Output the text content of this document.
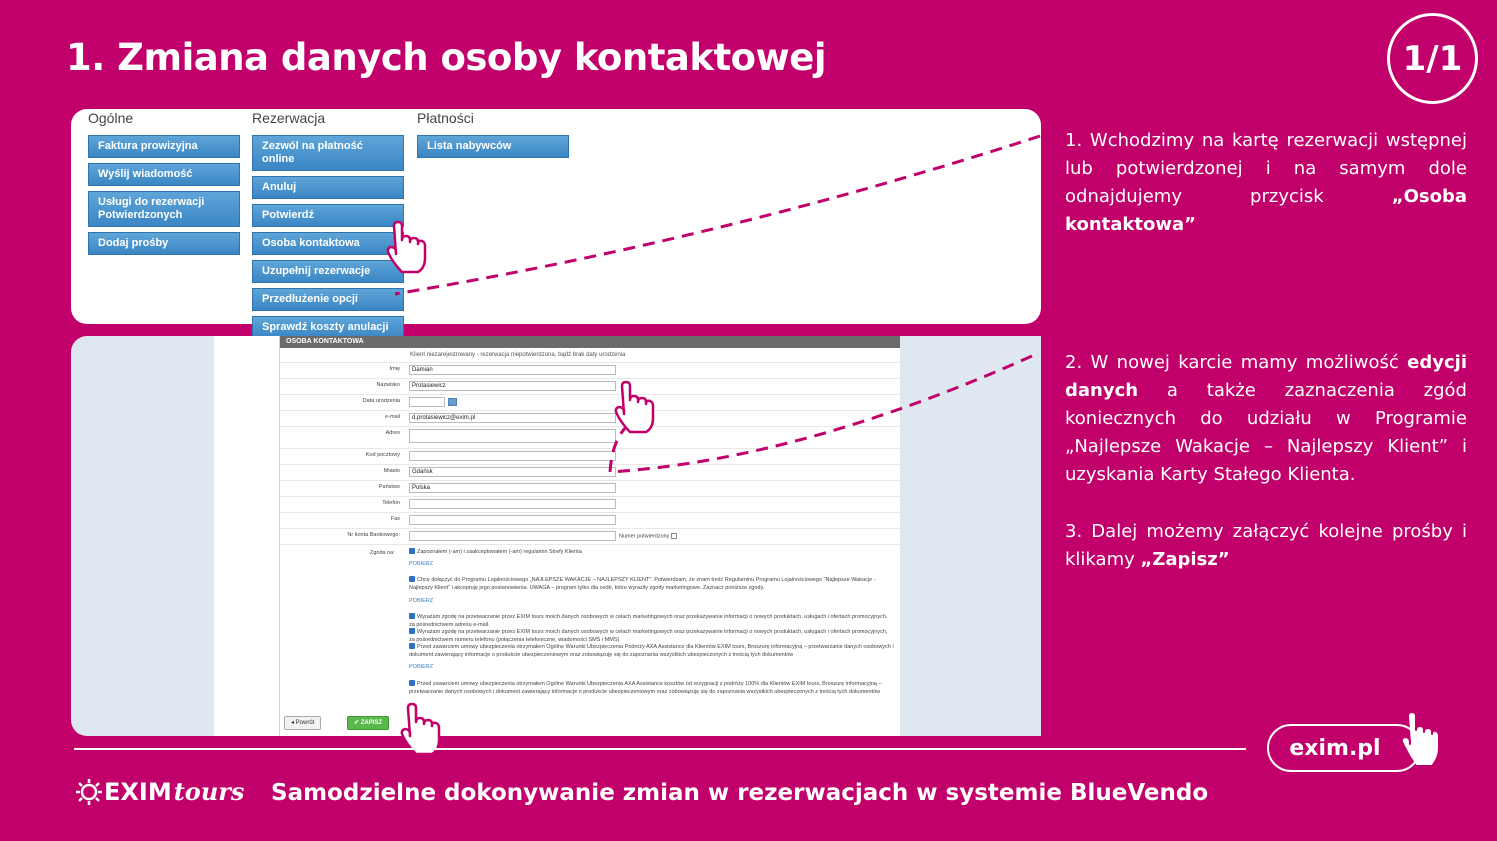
1. Zmiana danych osoby kontaktowej	1/1
Ogólne
Faktura prowizyjna
Wyślij wiadomość
Usługi do rezerwacji Potwierdzonych
Dodaj prośby
Rezerwacja
Zezwól na płatność online
Anuluj
Potwierdź
Osoba kontaktowa
Uzupełnij rezerwacje
Przedłużenie opcji
Sprawdź koszty anulacji
Płatności
Lista nabywców	1. Wchodzimy na kartę rezerwacji wstępnej lub potwierdzonej i na samym dole odnajdujemy przycisk „Osoba kontaktowa”
2. W nowej karcie mamy możliwość edycji danych a także zaznaczenia zgód koniecznych do udziału w Programie „Najlepsze Wakacje – Najlepszy Klient” i uzyskania Karty Stałego Klienta.
3. Dalej możemy załączyć kolejne prośby i klikamy „Zapisz”
OSOBA KONTAKTOWA
Klient niezarejestrowany - rezerwacja niepotwierdzona, bądź brak daty urodzenia
Imię	Damian
Nazwisko	Protasiewicz
Data urodzenia
e-mail	d.protasiewicz@exim.pl
Adres
Kod pocztowy
Miasto	Gdańsk
Państwo	Polska
Telefon
Fax
Nr konta Bankowego:	Numer potwierdzony
Zgoda na:	Zapoznałem (-am) i zaakceptowałem (-am) regulamin Strefy Klienta
POBIERZ
Chcę dołączyć do Programu Lojalnościowego „NAJLEPSZE WAKACJE – NAJLEPSZY KLIENT”. Potwierdzam, że znam treść Regulaminu Programu Lojalnościowego "Najlepsze Wakacje - Najlepszy Klient" i akceptuję jego postanowienia. UWAGA – program tylko dla osób, które wyraziły zgody marketingowe. Zaznacz poniższe zgody.
POBIERZ
Wyrażam zgodę na przetwarzanie przez EXIM tours moich danych osobowych w celach marketingowych oraz przekazywanie informacji o nowych produktach, usługach i ofertach promocyjnych, za pośrednictwem adresu e-mail.
Wyrażam zgodę na przetwarzanie przez EXIM tours moich danych osobowych w celach marketingowych oraz przekazywanie informacji o nowych produktach, usługach i ofertach promocyjnych, za pośrednictwem numeru telefonu (połączenia telefoniczne, wiadomości SMS i MMS)
Przed zawarciem umowy ubezpieczenia otrzymałem Ogólne Warunki Ubezpieczenia Podróży AXA Assistance dla Klientów EXIM tours, Broszurę informacyjną – przetwarzanie danych osobowych i dokument zawierający informacje o produkcie ubezpieczeniowym oraz zobowiązuję się do zapoznania wszystkich ubezpieczonych z treścią tych dokumentów
POBIERZ
Przed zawarciem umowy ubezpieczenia otrzymałem Ogólne Warunki Ubezpieczenia AXA Assistance kosztów od rezygnacji z podróży 100% dla Klientów EXIM tours, Broszurę informacyjną – przetwarzanie danych osobowych i dokument zawierający informacje o produkcie ubezpieczeniowym oraz zobowiązuję się do zapoznania wszystkich ubezpieczonych z treścią tych dokumentów
◂ Powrót	✔ ZAPISZ
exim.pl
EXIM tours Samodzielne dokonywanie zmian w rezerwacjach w systemie BlueVendo
